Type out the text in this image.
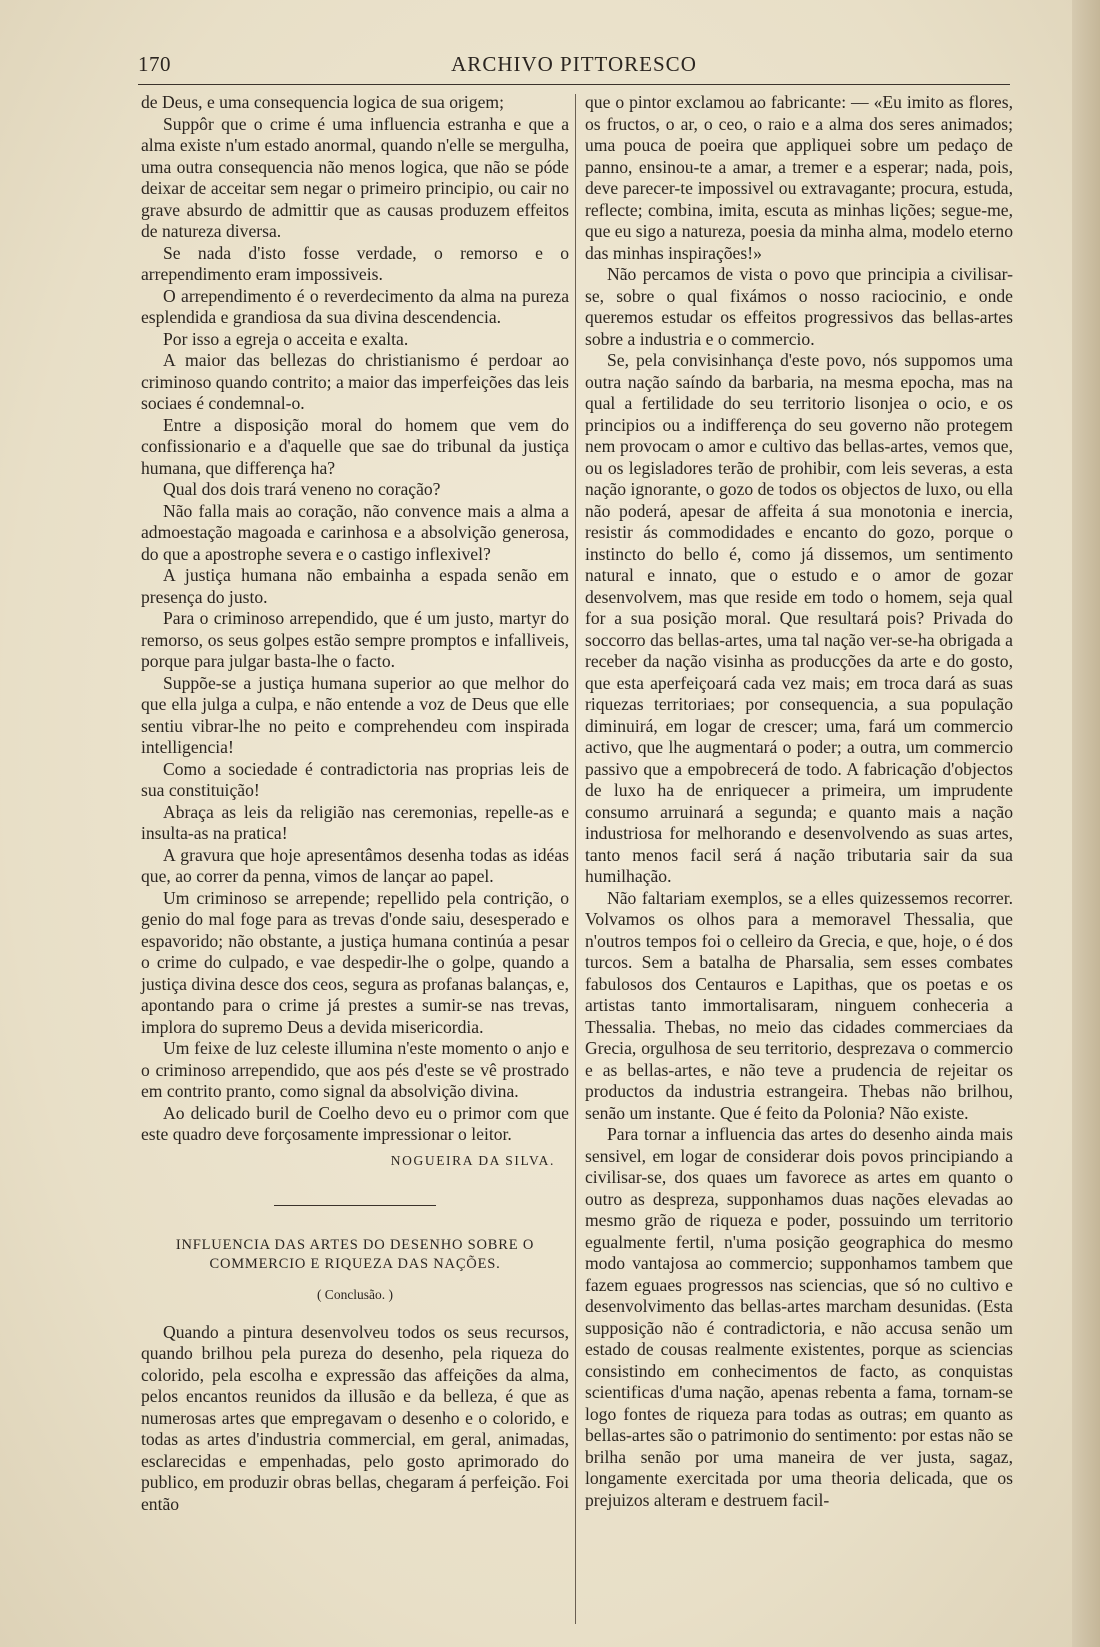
170	ARCHIVO PITTORESCO

de Deus, e uma consequencia logica de sua origem;

Suppôr que o crime é uma influencia estranha e que a alma existe n'um estado anormal, quando n'elle se mergulha, uma outra consequencia não menos logica, que não se póde deixar de acceitar sem negar o primeiro principio, ou cair no grave absurdo de admittir que as causas produzem effeitos de natureza diversa.

Se nada d'isto fosse verdade, o remorso e o arrependimento eram impossiveis.

O arrependimento é o reverdecimento da alma na pureza esplendida e grandiosa da sua divina descendencia.

Por isso a egreja o acceita e exalta.

A maior das bellezas do christianismo é perdoar ao criminoso quando contrito; a maior das imperfeições das leis sociaes é condemnal-o.

Entre a disposição moral do homem que vem do confissionario e a d'aquelle que sae do tribunal da justiça humana, que differença ha?

Qual dos dois trará veneno no coração?

Não falla mais ao coração, não convence mais a alma a admoestação magoada e carinhosa e a absolvição generosa, do que a apostrophe severa e o castigo inflexivel?

A justiça humana não embainha a espada senão em presença do justo.

Para o criminoso arrependido, que é um justo, martyr do remorso, os seus golpes estão sempre promptos e infalliveis, porque para julgar basta-lhe o facto.

Suppõe-se a justiça humana superior ao que melhor do que ella julga a culpa, e não entende a voz de Deus que elle sentiu vibrar-lhe no peito e comprehendeu com inspirada intelligencia!

Como a sociedade é contradictoria nas proprias leis de sua constituição!

Abraça as leis da religião nas ceremonias, repelle-as e insulta-as na pratica!

A gravura que hoje apresentâmos desenha todas as idéas que, ao correr da penna, vimos de lançar ao papel.

Um criminoso se arrepende; repellido pela contrição, o genio do mal foge para as trevas d'onde saiu, desesperado e espavorido; não obstante, a justiça humana continúa a pesar o crime do culpado, e vae despedir-lhe o golpe, quando a justiça divina desce dos ceos, segura as profanas balanças, e, apontando para o crime já prestes a sumir-se nas trevas, implora do supremo Deus a devida misericordia.

Um feixe de luz celeste illumina n'este momento o anjo e o criminoso arrependido, que aos pés d'este se vê prostrado em contrito pranto, como signal da absolvição divina.

Ao delicado buril de Coelho devo eu o primor com que este quadro deve forçosamente impressionar o leitor.

NOGUEIRA DA SILVA.
INFLUENCIA DAS ARTES DO DESENHO SOBRE O COMMERCIO E RIQUEZA DAS NAÇÕES.
( Conclusão. )

Quando a pintura desenvolveu todos os seus recursos, quando brilhou pela pureza do desenho, pela riqueza do colorido, pela escolha e expressão das affeições da alma, pelos encantos reunidos da illusão e da belleza, é que as numerosas artes que empregavam o desenho e o colorido, e todas as artes d'industria commercial, em geral, animadas, esclarecidas e empenhadas, pelo gosto aprimorado do publico, em produzir obras bellas, chegaram á perfeição. Foi então

que o pintor exclamou ao fabricante: — «Eu imito as flores, os fructos, o ar, o ceo, o raio e a alma dos seres animados; uma pouca de poeira que appliquei sobre um pedaço de panno, ensinou-te a amar, a tremer e a esperar; nada, pois, deve parecer-te impossivel ou extravagante; procura, estuda, reflecte; combina, imita, escuta as minhas lições; segue-me, que eu sigo a natureza, poesia da minha alma, modelo eterno das minhas inspirações!»

Não percamos de vista o povo que principia a civilisar-se, sobre o qual fixámos o nosso raciocinio, e onde queremos estudar os effeitos progressivos das bellas-artes sobre a industria e o commercio.

Se, pela convisinhança d'este povo, nós suppomos uma outra nação saíndo da barbaria, na mesma epocha, mas na qual a fertilidade do seu territorio lisonjea o ocio, e os principios ou a indifferença do seu governo não protegem nem provocam o amor e cultivo das bellas-artes, vemos que, ou os legisladores terão de prohibir, com leis severas, a esta nação ignorante, o gozo de todos os objectos de luxo, ou ella não poderá, apesar de affeita á sua monotonia e inercia, resistir ás commodidades e encanto do gozo, porque o instincto do bello é, como já dissemos, um sentimento natural e innato, que o estudo e o amor de gozar desenvolvem, mas que reside em todo o homem, seja qual for a sua posição moral. Que resultará pois? Privada do soccorro das bellas-artes, uma tal nação ver-se-ha obrigada a receber da nação visinha as producções da arte e do gosto, que esta aperfeiçoará cada vez mais; em troca dará as suas riquezas territoriaes; por consequencia, a sua população diminuirá, em logar de crescer; uma, fará um commercio activo, que lhe augmentará o poder; a outra, um commercio passivo que a empobrecerá de todo. A fabricação d'objectos de luxo ha de enriquecer a primeira, um imprudente consumo arruinará a segunda; e quanto mais a nação industriosa for melhorando e desenvolvendo as suas artes, tanto menos facil será á nação tributaria sair da sua humilhação.

Não faltariam exemplos, se a elles quizessemos recorrer. Volvamos os olhos para a memoravel Thessalia, que n'outros tempos foi o celleiro da Grecia, e que, hoje, o é dos turcos. Sem a batalha de Pharsalia, sem esses combates fabulosos dos Centauros e Lapithas, que os poetas e os artistas tanto immortalisaram, ninguem conheceria a Thessalia. Thebas, no meio das cidades commerciaes da Grecia, orgulhosa de seu territorio, desprezava o commercio e as bellas-artes, e não teve a prudencia de rejeitar os productos da industria estrangeira. Thebas não brilhou, senão um instante. Que é feito da Polonia? Não existe.

Para tornar a influencia das artes do desenho ainda mais sensivel, em logar de considerar dois povos principiando a civilisar-se, dos quaes um favorece as artes em quanto o outro as despreza, supponhamos duas nações elevadas ao mesmo grão de riqueza e poder, possuindo um territorio egualmente fertil, n'uma posição geographica do mesmo modo vantajosa ao commercio; supponhamos tambem que fazem eguaes progressos nas sciencias, que só no cultivo e desenvolvimento das bellas-artes marcham desunidas. (Esta supposição não é contradictoria, e não accusa senão um estado de cousas realmente existentes, porque as sciencias consistindo em conhecimentos de facto, as conquistas scientificas d'uma nação, apenas rebenta a fama, tornam-se logo fontes de riqueza para todas as outras; em quanto as bellas-artes são o patrimonio do sentimento: por estas não se brilha senão por uma maneira de ver justa, sagaz, longamente exercitada por uma theoria delicada, que os prejuizos alteram e destruem facil-
